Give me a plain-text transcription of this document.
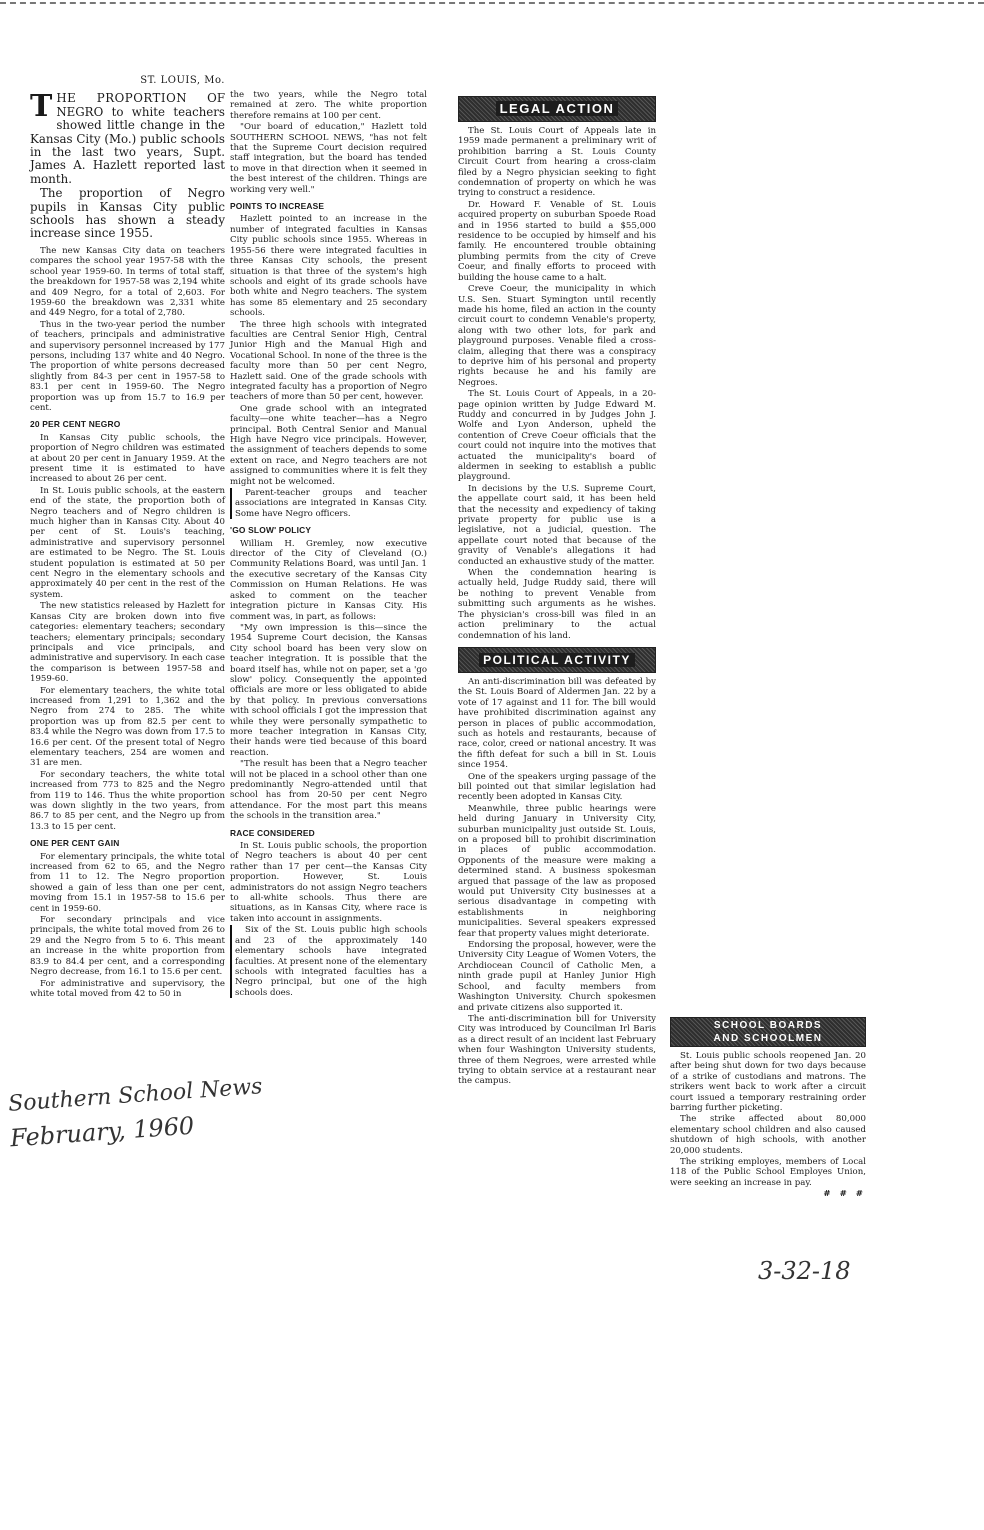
ST. LOUIS, Mo.

THE PROPORTION OF NEGRO to white teachers showed little change in the Kansas City (Mo.) public schools in the last two years, Supt. James A. Hazlett reported last month.

The proportion of Negro pupils in Kansas City public schools has shown a steady increase since 1955.

The new Kansas City data on teachers compares the school year 1957-58 with the school year 1959-60. In terms of total staff, the breakdown for 1957-58 was 2,194 white and 409 Negro, for a total of 2,603. For 1959-60 the breakdown was 2,331 white and 449 Negro, for a total of 2,780.

Thus in the two-year period the number of teachers, principals and administrative and supervisory personnel increased by 177 persons, including 137 white and 40 Negro. The proportion of white persons decreased slightly from 84-3 per cent in 1957-58 to 83.1 per cent in 1959-60. The Negro proportion was up from 15.7 to 16.9 per cent.

20 PER CENT NEGRO

In Kansas City public schools, the proportion of Negro children was estimated at about 20 per cent in January 1959. At the present time it is estimated to have increased to about 26 per cent.

In St. Louis public schools, at the eastern end of the state, the proportion both of Negro teachers and of Negro children is much higher than in Kansas City. About 40 per cent of St. Louis's teaching, administrative and supervisory personnel are estimated to be Negro. The St. Louis student population is estimated at 50 per cent Negro in the elementary schools and approximately 40 per cent in the rest of the system.

The new statistics released by Hazlett for Kansas City are broken down into five categories: elementary teachers; secondary teachers; elementary principals; secondary principals and vice principals, and administrative and supervisory. In each case the comparison is between 1957-58 and 1959-60.

For elementary teachers, the white total increased from 1,291 to 1,362 and the Negro from 274 to 285. The white proportion was up from 82.5 per cent to 83.4 while the Negro was down from 17.5 to 16.6 per cent. Of the present total of Negro elementary teachers, 254 are women and 31 are men.

For secondary teachers, the white total increased from 773 to 825 and the Negro from 119 to 146. Thus the white proportion was down slightly in the two years, from 86.7 to 85 per cent, and the Negro up from 13.3 to 15 per cent.

ONE PER CENT GAIN

For elementary principals, the white total increased from 62 to 65, and the Negro from 11 to 12. The Negro proportion showed a gain of less than one per cent, moving from 15.1 in 1957-58 to 15.6 per cent in 1959-60.

For secondary principals and vice principals, the white total moved from 26 to 29 and the Negro from 5 to 6. This meant an increase in the white proportion from 83.9 to 84.4 per cent, and a corresponding Negro decrease, from 16.1 to 15.6 per cent.

For administrative and supervisory, the white total moved from 42 to 50 in

the two years, while the Negro total remained at zero. The white proportion therefore remains at 100 per cent.

"Our board of education," Hazlett told SOUTHERN SCHOOL NEWS, "has not felt that the Supreme Court decision required staff integration, but the board has tended to move in that direction when it seemed in the best interest of the children. Things are working very well."

POINTS TO INCREASE

Hazlett pointed to an increase in the number of integrated faculties in Kansas City public schools since 1955. Whereas in 1955-56 there were integrated faculties in three Kansas City schools, the present situation is that three of the system's high schools and eight of its grade schools have both white and Negro teachers. The system has some 85 elementary and 25 secondary schools.

The three high schools with integrated faculties are Central Senior High, Central Junior High and the Manual High and Vocational School. In none of the three is the faculty more than 50 per cent Negro, Hazlett said. One of the grade schools with integrated faculty has a proportion of Negro teachers of more than 50 per cent, however.

One grade school with an integrated faculty—one white teacher—has a Negro principal. Both Central Senior and Manual High have Negro vice principals. However, the assignment of teachers depends to some extent on race, and Negro teachers are not assigned to communities where it is felt they might not be welcomed.

Parent-teacher groups and teacher associations are integrated in Kansas City. Some have Negro officers.

'GO SLOW' POLICY

William H. Gremley, now executive director of the City of Cleveland (O.) Community Relations Board, was until Jan. 1 the executive secretary of the Kansas City Commission on Human Relations. He was asked to comment on the teacher integration picture in Kansas City. His comment was, in part, as follows:

"My own impression is this—since the 1954 Supreme Court decision, the Kansas City school board has been very slow on teacher integration. It is possible that the board itself has, while not on paper, set a 'go slow' policy. Consequently the appointed officials are more or less obligated to abide by that policy. In previous conversations with school officials I got the impression that while they were personally sympathetic to more teacher integration in Kansas City, their hands were tied because of this board reaction.

"The result has been that a Negro teacher will not be placed in a school other than one predominantly Negro-attended until that school has from 20-50 per cent Negro attendance. For the most part this means the schools in the transition area."

RACE CONSIDERED

In St. Louis public schools, the proportion of Negro teachers is about 40 per cent rather than 17 per cent—the Kansas City proportion. However, St. Louis administrators do not assign Negro teachers to all-white schools. Thus there are situations, as in Kansas City, where race is taken into account in assignments.

Six of the St. Louis public high schools and 23 of the approximately 140 elementary schools have integrated faculties. At present none of the elementary schools with integrated faculties has a Negro principal, but one of the high schools does.

LEGAL ACTION

The St. Louis Court of Appeals late in 1959 made permanent a preliminary writ of prohibition barring a St. Louis County Circuit Court from hearing a cross-claim filed by a Negro physician seeking to fight condemnation of property on which he was trying to construct a residence.

Dr. Howard F. Venable of St. Louis acquired property on suburban Spoede Road and in 1956 started to build a $55,000 residence to be occupied by himself and his family. He encountered trouble obtaining plumbing permits from the city of Creve Coeur, and finally efforts to proceed with building the house came to a halt.

Creve Coeur, the municipality in which U.S. Sen. Stuart Symington until recently made his home, filed an action in the county circuit court to condemn Venable's property, along with two other lots, for park and playground purposes. Venable filed a cross-claim, alleging that there was a conspiracy to deprive him of his personal and property rights because he and his family are Negroes.

The St. Louis Court of Appeals, in a 20-page opinion written by Judge Edward M. Ruddy and concurred in by Judges John J. Wolfe and Lyon Anderson, upheld the contention of Creve Coeur officials that the court could not inquire into the motives that actuated the municipality's board of aldermen in seeking to establish a public playground.

In decisions by the U.S. Supreme Court, the appellate court said, it has been held that the necessity and expediency of taking private property for public use is a legislative, not a judicial, question. The appellate court noted that because of the gravity of Venable's allegations it had conducted an exhaustive study of the matter.

When the condemnation hearing is actually held, Judge Ruddy said, there will be nothing to prevent Venable from submitting such arguments as he wishes. The physician's cross-bill was filed in an action preliminary to the actual condemnation of his land.

POLITICAL ACTIVITY

An anti-discrimination bill was defeated by the St. Louis Board of Aldermen Jan. 22 by a vote of 17 against and 11 for. The bill would have prohibited discrimination against any person in places of public accommodation, such as hotels and restaurants, because of race, color, creed or national ancestry. It was the fifth defeat for such a bill in St. Louis since 1954.

One of the speakers urging passage of the bill pointed out that similar legislation had recently been adopted in Kansas City.

Meanwhile, three public hearings were held during January in University City, suburban municipality just outside St. Louis, on a proposed bill to prohibit discrimination in places of public accommodation. Opponents of the measure were making a determined stand. A business spokesman argued that passage of the law as proposed would put University City businesses at a serious disadvantage in competing with establishments in neighboring municipalities. Several speakers expressed fear that property values might deteriorate.

Endorsing the proposal, however, were the University City League of Women Voters, the Archdiocean Council of Catholic Men, a ninth grade pupil at Hanley Junior High School, and faculty members from Washington University. Church spokesmen and private citizens also supported it.

The anti-discrimination bill for University City was introduced by Councilman Irl Baris as a direct result of an incident last February when four Washington University students, three of them Negroes, were arrested while trying to obtain service at a restaurant near the campus.

SCHOOL BOARDS
AND SCHOOLMEN

St. Louis public schools reopened Jan. 20 after being shut down for two days because of a strike of custodians and matrons. The strikers went back to work after a circuit court issued a temporary restraining order barring further picketing.

The strike affected about 80,000 elementary school children and also caused shutdown of high schools, with another 20,000 students.

The striking employes, members of Local 118 of the Public School Employes Union, were seeking an increase in pay.

# # #
Southern School News
February, 1960
3-32-18
